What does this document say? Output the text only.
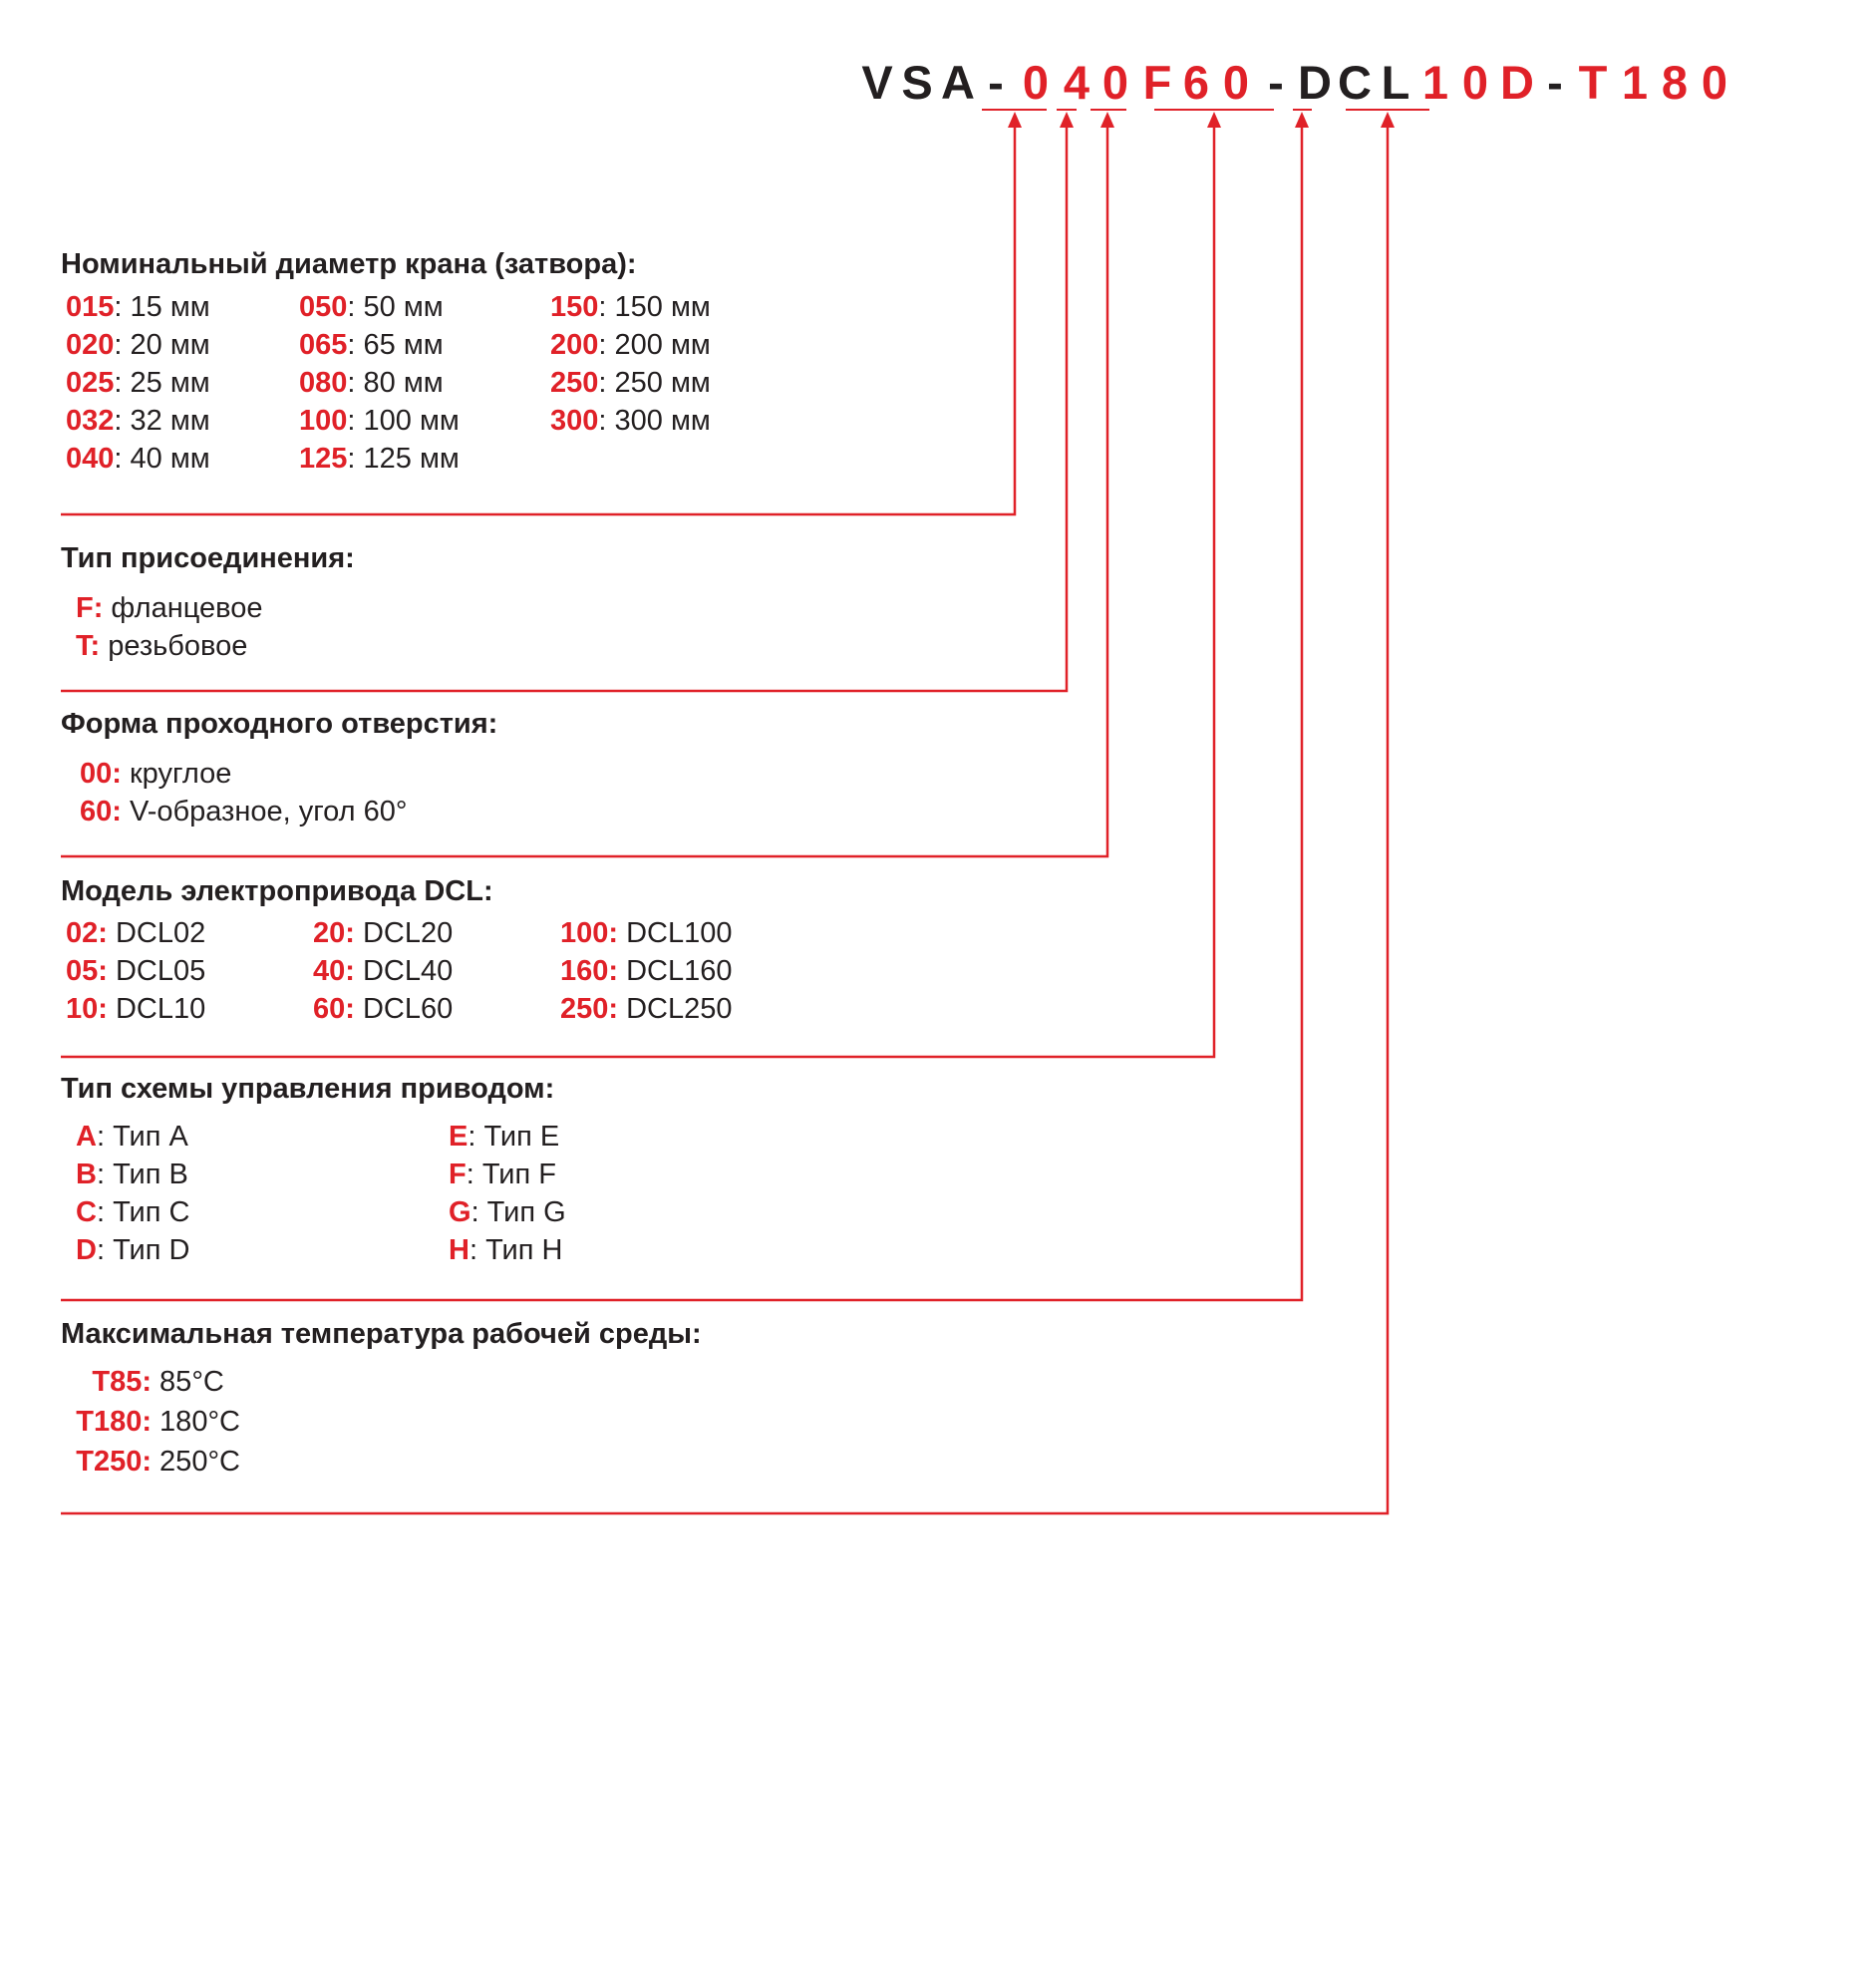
V S A - 0 4 0 F 6 0 - D C L 1 0 D - T 1 8 0
Номинальный диаметр крана (затвора):
015: 15 мм
020: 20 мм
025: 25 мм
032: 32 мм
040: 40 мм
050: 50 мм
065: 65 мм
080: 80 мм
100: 100 мм
125: 125 мм
150: 150 мм
200: 200 мм
250: 250 мм
300: 300 мм
Тип присоединения:
F: фланцевое
T: резьбовое
Форма проходного отверстия:
00: круглое
60: V-образное, угол 60°
Модель электропривода DCL:
02: DCL02
05: DCL05
10: DCL10
20: DCL20
40: DCL40
60: DCL60
100: DCL100
160: DCL160
250: DCL250
Тип схемы управления приводом:
A: Тип A
B: Тип B
C: Тип C
D: Тип D
E: Тип E
F: Тип F
G: Тип G
H: Тип H
Максимальная температура рабочей среды:
T85: 85°C
T180: 180°C
T250: 250°C
